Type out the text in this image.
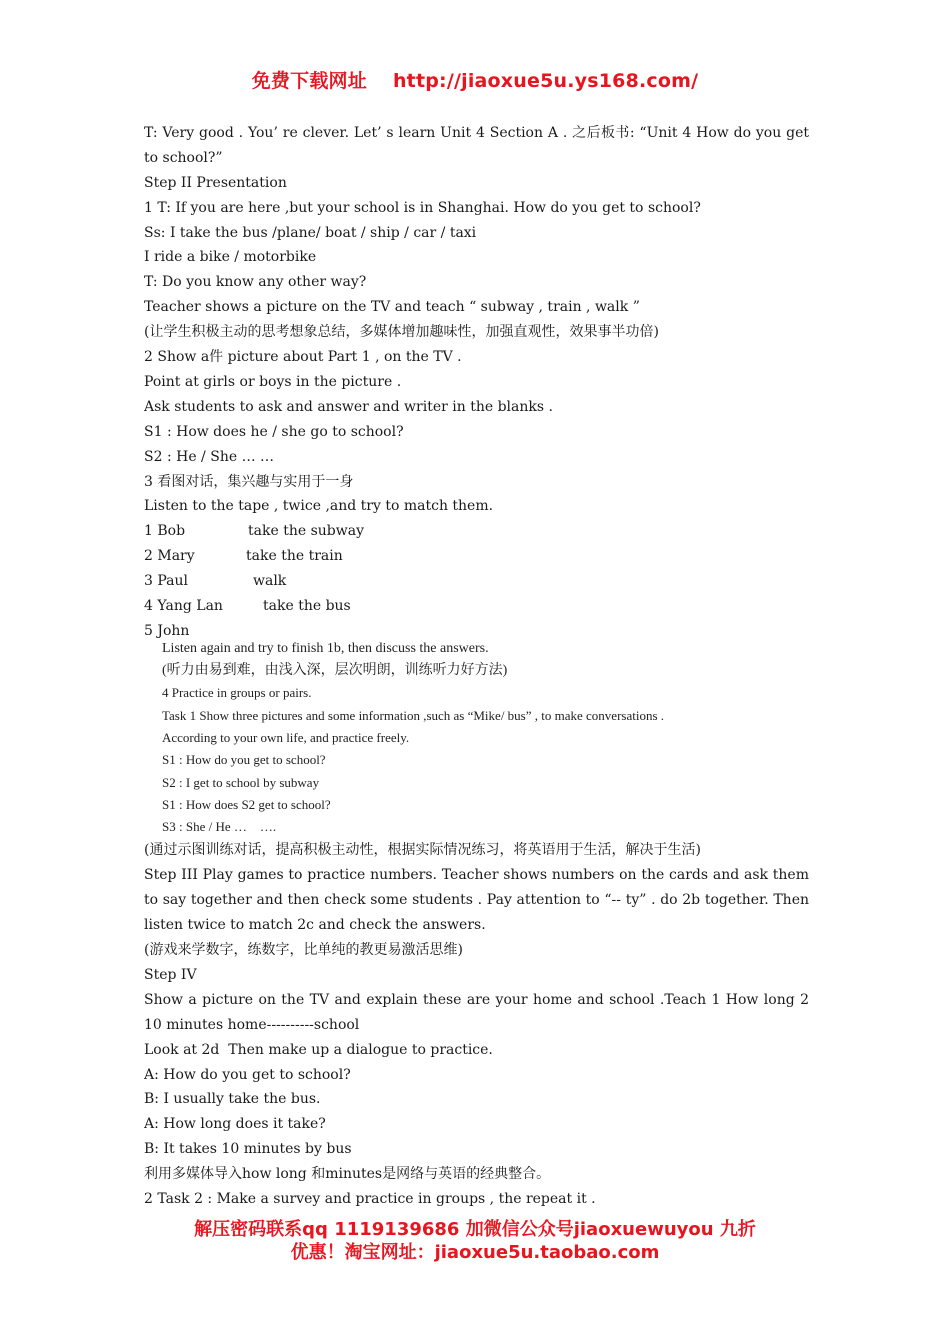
免费下载网址 http://jiaoxue5u.ys168.com/
T: Very good . You’ re clever. Let’ s learn Unit 4 Section A . 之后板书: “Unit 4 How do you get to school?”
Step II Presentation
1 T: If you are here ,but your school is in Shanghai. How do you get to school?
Ss: I take the bus /plane/ boat / ship / car / taxi
I ride a bike / motorbike
T: Do you know any other way?
Teacher shows a picture on the TV and teach “ subway , train , walk ”
(让学生积极主动的思考想象总结，多媒体增加趣味性，加强直观性，效果事半功倍)
2 Show a件 picture about Part 1 , on the TV .
Point at girls or boys in the picture .
Ask students to ask and answer and writer in the blanks .
S1 : How does he / she go to school?
S2 : He / She … …
3 看图对话，集兴趣与实用于一身
Listen to the tape , twice ,and try to match them.
1 Bob	take the subway
2 Mary	take the train
3 Paul	walk
4 Yang Lan	take the bus
5 John
Listen again and try to finish 1b, then discuss the answers.
(听力由易到难，由浅入深，层次明朗，训练听力好方法)
4 Practice in groups or pairs.
Task 1 Show three pictures and some information ,such as “Mike/ bus” , to make conversations .
According to your own life, and practice freely.
S1 : How do you get to school?
S2 : I get to school by subway
S1 : How does S2 get to school?
S3 : She / He …    ….
(通过示图训练对话，提高积极主动性，根据实际情况练习，将英语用于生活，解决于生活)
Step III Play games to practice numbers. Teacher shows numbers on the cards and ask them to say together and then check some students . Pay attention to “-- ty” . do 2b together. Then listen twice to match 2c and check the answers.
(游戏来学数字，练数字，比单纯的教更易激活思维)
Step IV
Show a picture on the TV and explain these are your home and school .Teach 1 How long 2 10 minutes home----------school
Look at 2d  Then make up a dialogue to practice.
A: How do you get to school?
B: I usually take the bus.
A: How long does it take?
B: It takes 10 minutes by bus
利用多媒体导入how long 和minutes是网络与英语的经典整合。
2 Task 2 : Make a survey and practice in groups , the repeat it .
解压密码联系qq 1119139686 加微信公众号jiaoxuewuyou 九折
优惠！淘宝网址：jiaoxue5u.taobao.com
